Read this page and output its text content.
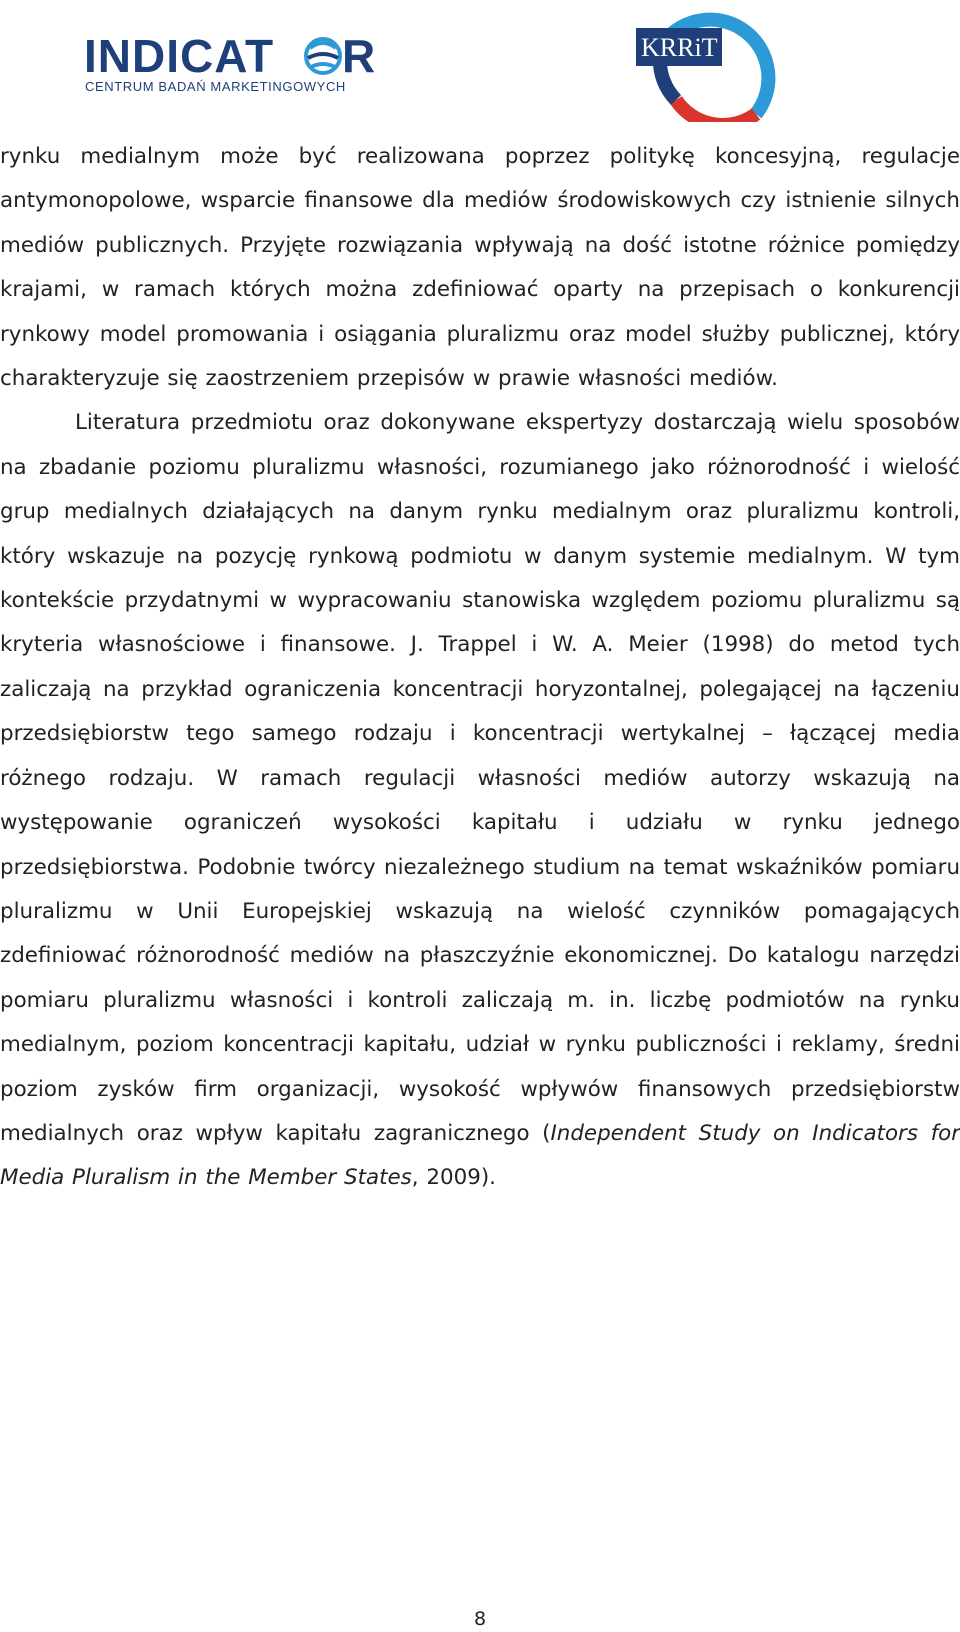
INDICAT R
CENTRUM BADAŃ MARKETINGOWYCH
KRRiT

rynku medialnym może być realizowana poprzez politykę koncesyjną, regulacje antymonopolowe, wsparcie finansowe dla mediów środowiskowych czy istnienie silnych mediów publicznych. Przyjęte rozwiązania wpływają na dość istotne różnice pomiędzy krajami, w ramach których można zdefiniować oparty na przepisach o konkurencji rynkowy model promowania i osiągania pluralizmu oraz model służby publicznej, który charakteryzuje się zaostrzeniem przepisów w prawie własności mediów.

Literatura przedmiotu oraz dokonywane ekspertyzy dostarczają wielu sposobów na zbadanie poziomu pluralizmu własności, rozumianego jako różnorodność i wielość grup medialnych działających na danym rynku medialnym oraz pluralizmu kontroli, który wskazuje na pozycję rynkową podmiotu w danym systemie medialnym. W tym kontekście przydatnymi w wypracowaniu stanowiska względem poziomu pluralizmu są kryteria własnościowe i finansowe. J. Trappel i W. A. Meier (1998) do metod tych zaliczają na przykład ograniczenia koncentracji horyzontalnej, polegającej na łączeniu przedsiębiorstw tego samego rodzaju i koncentracji wertykalnej – łączącej media różnego rodzaju. W ramach regulacji własności mediów autorzy wskazują na występowanie ograniczeń wysokości kapitału i udziału w rynku jednego przedsiębiorstwa. Podobnie twórcy niezależnego studium na temat wskaźników pomiaru pluralizmu w Unii Europejskiej wskazują na wielość czynników pomagających zdefiniować różnorodność mediów na płaszczyźnie ekonomicznej. Do katalogu narzędzi pomiaru pluralizmu własności i kontroli zaliczają m. in. liczbę podmiotów na rynku medialnym, poziom koncentracji kapitału, udział w rynku publiczności i reklamy, średni poziom zysków firm organizacji, wysokość wpływów finansowych przedsiębiorstw medialnych oraz wpływ kapitału zagranicznego (Independent Study on Indicators for Media Pluralism in the Member States, 2009).

8
